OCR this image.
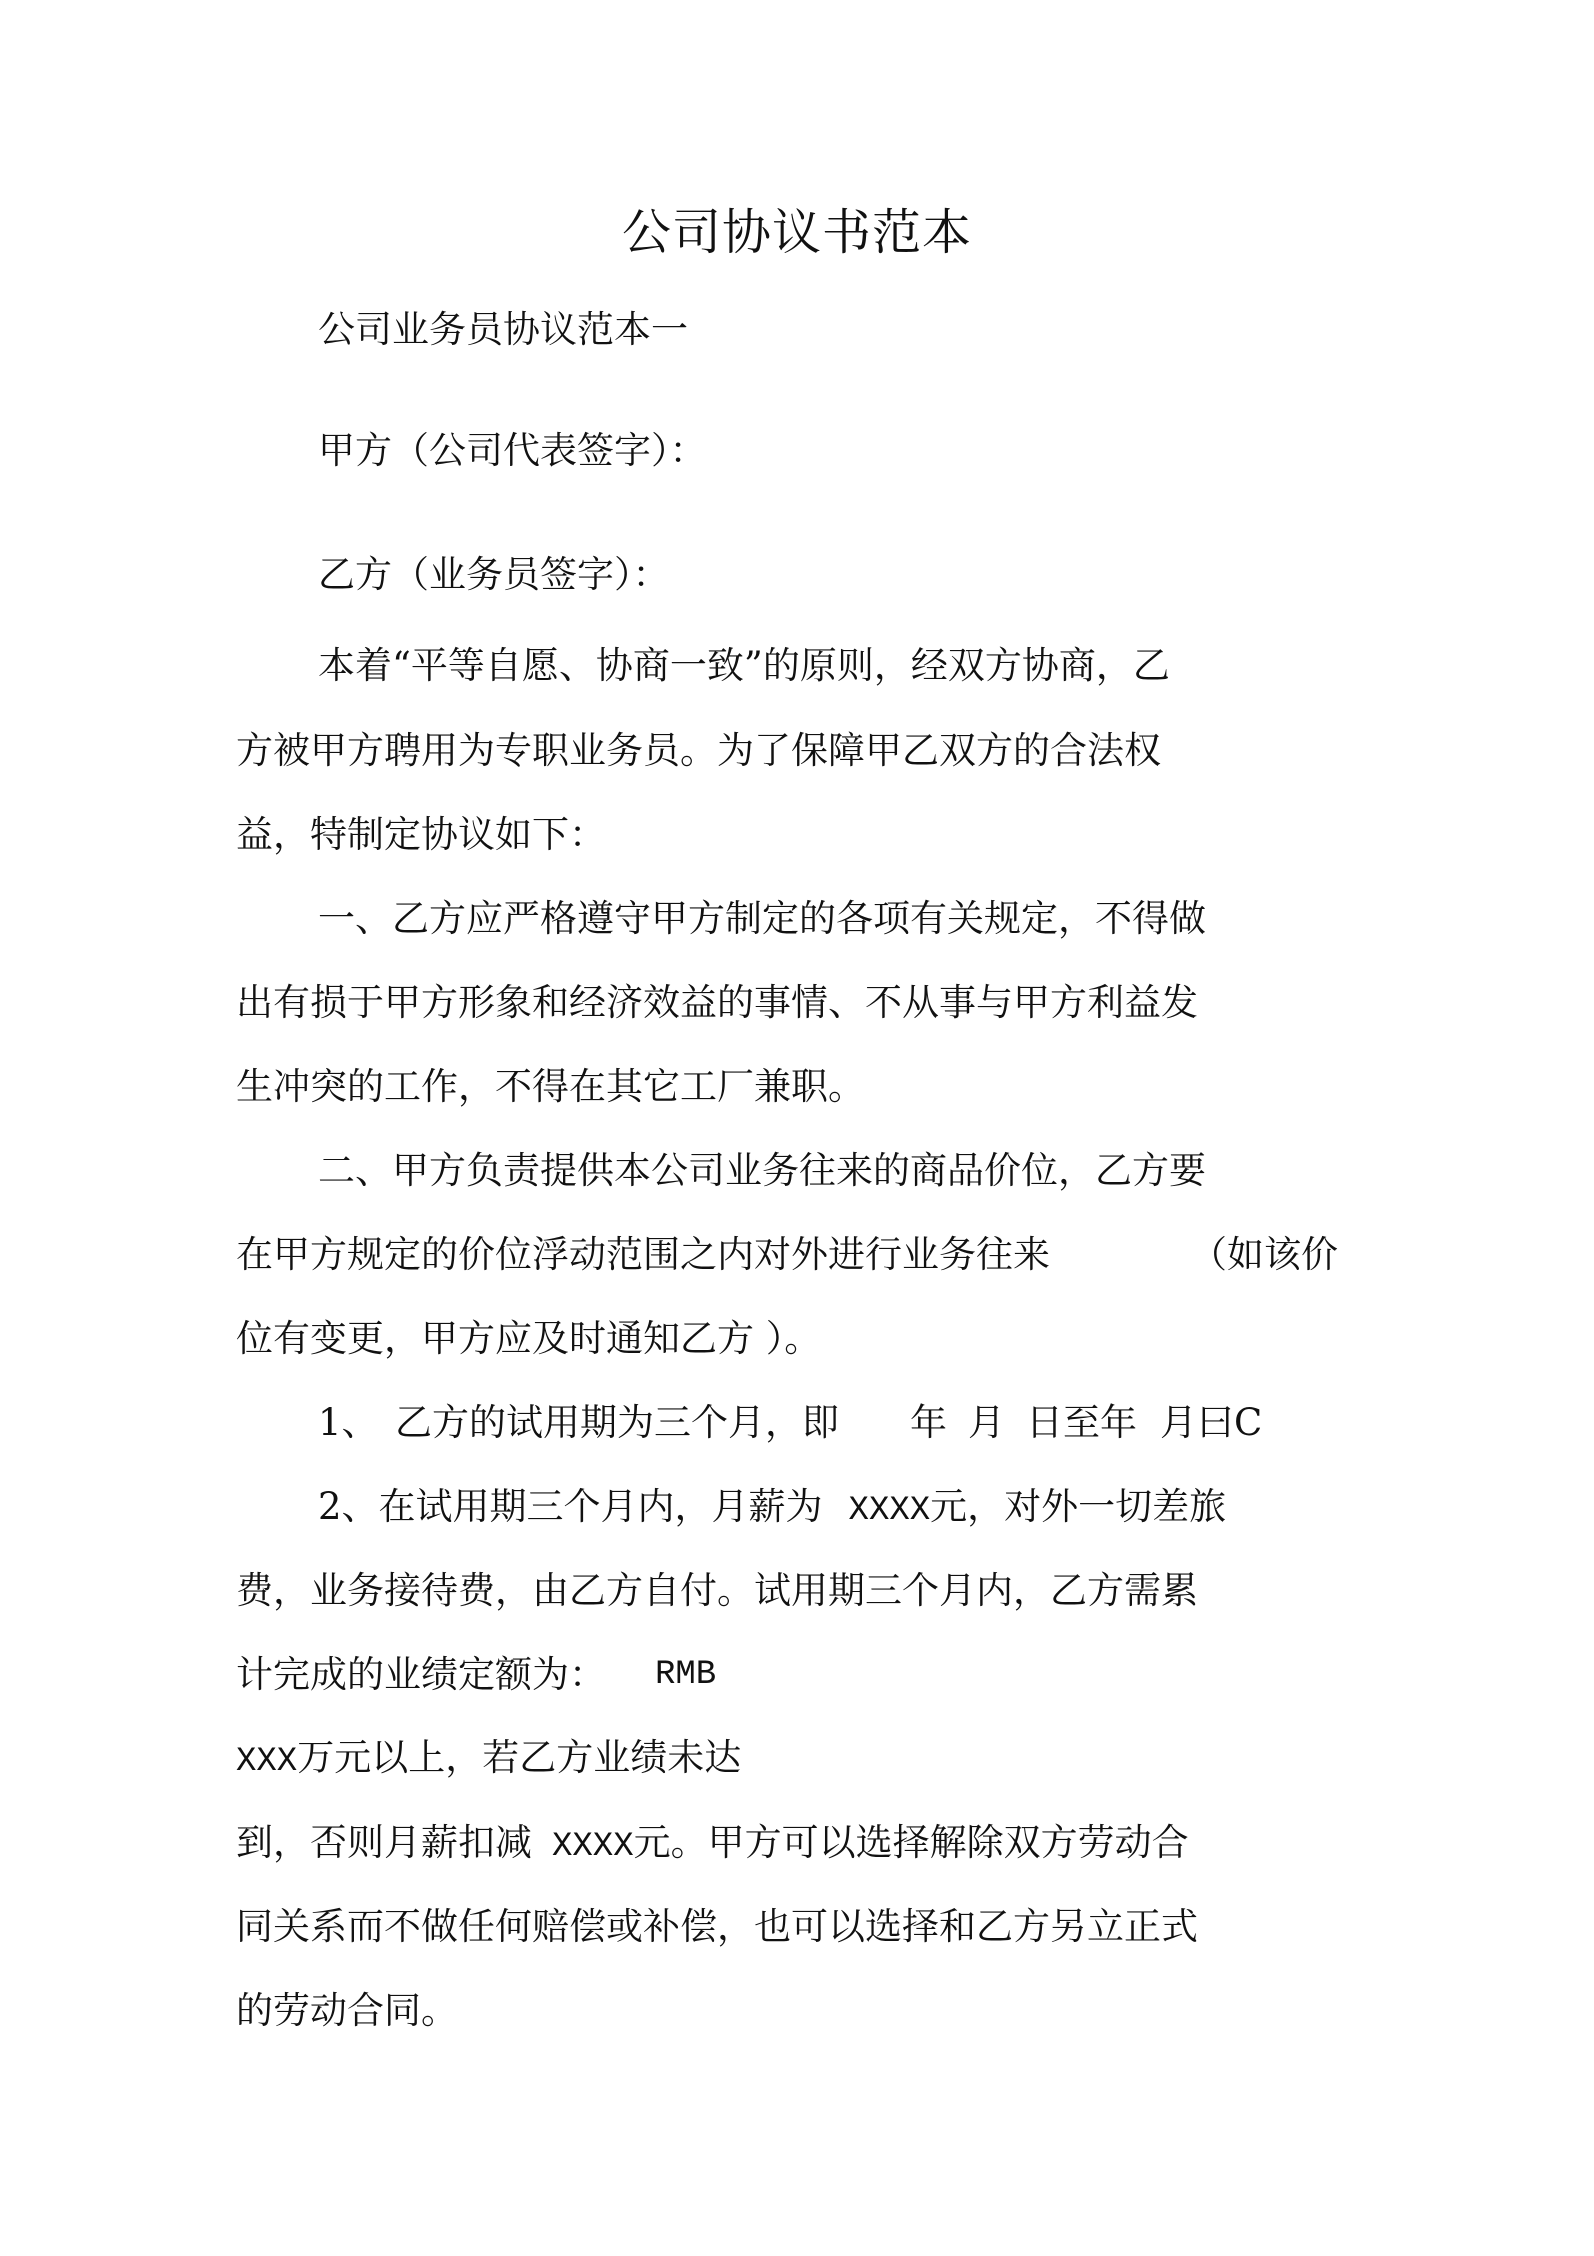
公司协议书范本
公司业务员协议范本一
甲方（公司代表签字）：
乙方（业务员签字）：
本着“平等自愿、协商一致”的原则，经双方协商，乙
方被甲方聘用为专职业务员。为了保障甲乙双方的合法权
益，特制定协议如下：
一、乙方应严格遵守甲方制定的各项有关规定，不得做
出有损于甲方形象和经济效益的事情、不从事与甲方利益发
生冲突的工作，不得在其它工厂兼职。
二、甲方负责提供本公司业务往来的商品价位，乙方要
在甲方规定的价位浮动范围之内对外进行业务往来	（如该价
位有变更，甲方应及时通知乙方 ）。
1、 乙方的试用期为三个月，即 年 月 日至年 月曰C
2、在试用期三个月内，月薪为 XXXX元，对外一切差旅
费，业务接待费，由乙方自付。试用期三个月内，乙方需累
计完成的业绩定额为： RMB
XXX万元以上，若乙方业绩未达
到，否则月薪扣减 XXXX元。甲方可以选择解除双方劳动合
同关系而不做任何赔偿或补偿，也可以选择和乙方另立正式
的劳动合同。
